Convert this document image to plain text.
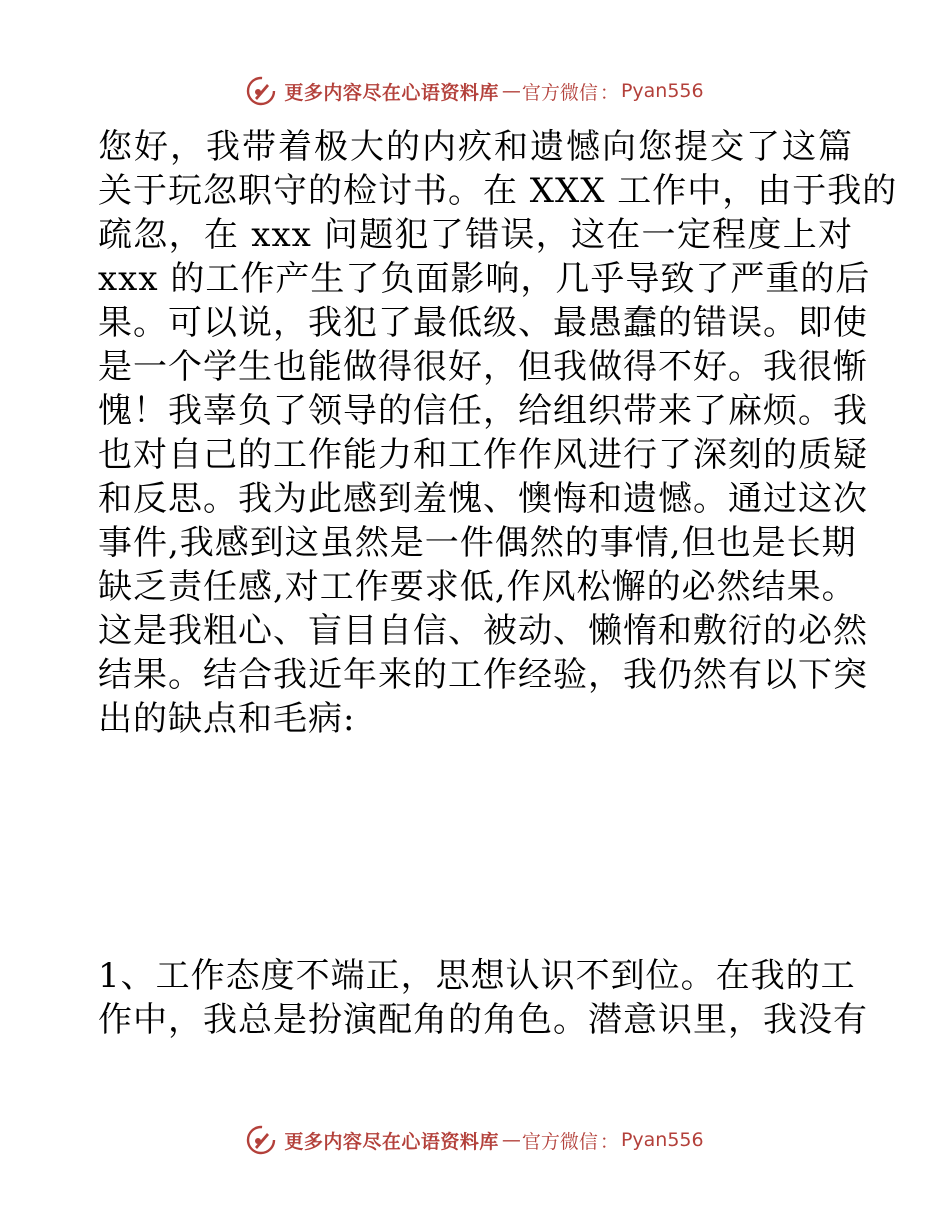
更多内容尽在心语资料库 — 官方微信 ： Pyan556
您好，我带着极大的内疚和遗憾向您提交了这篇
关于玩忽职守的检讨书。在 XXX 工作中，由于我的
疏忽，在 xxx 问题犯了错误，这在一定程度上对
xxx 的工作产生了负面影响，几乎导致了严重的后
果。可以说，我犯了最低级、最愚蠢的错误。即使
是一个学生也能做得很好，但我做得不好。我很惭
愧！我辜负了领导的信任，给组织带来了麻烦。我
也对自己的工作能力和工作作风进行了深刻的质疑
和反思。我为此感到羞愧、懊悔和遗憾。通过这次
事件,我感到这虽然是一件偶然的事情,但也是长期
缺乏责任感,对工作要求低,作风松懈的必然结果。
这是我粗心、盲目自信、被动、懒惰和敷衍的必然
结果。结合我近年来的工作经验，我仍然有以下突
出的缺点和毛病:
1、工作态度不端正，思想认识不到位。在我的工
作中，我总是扮演配角的角色。潜意识里，我没有
更多内容尽在心语资料库 — 官方微信 ： Pyan556
